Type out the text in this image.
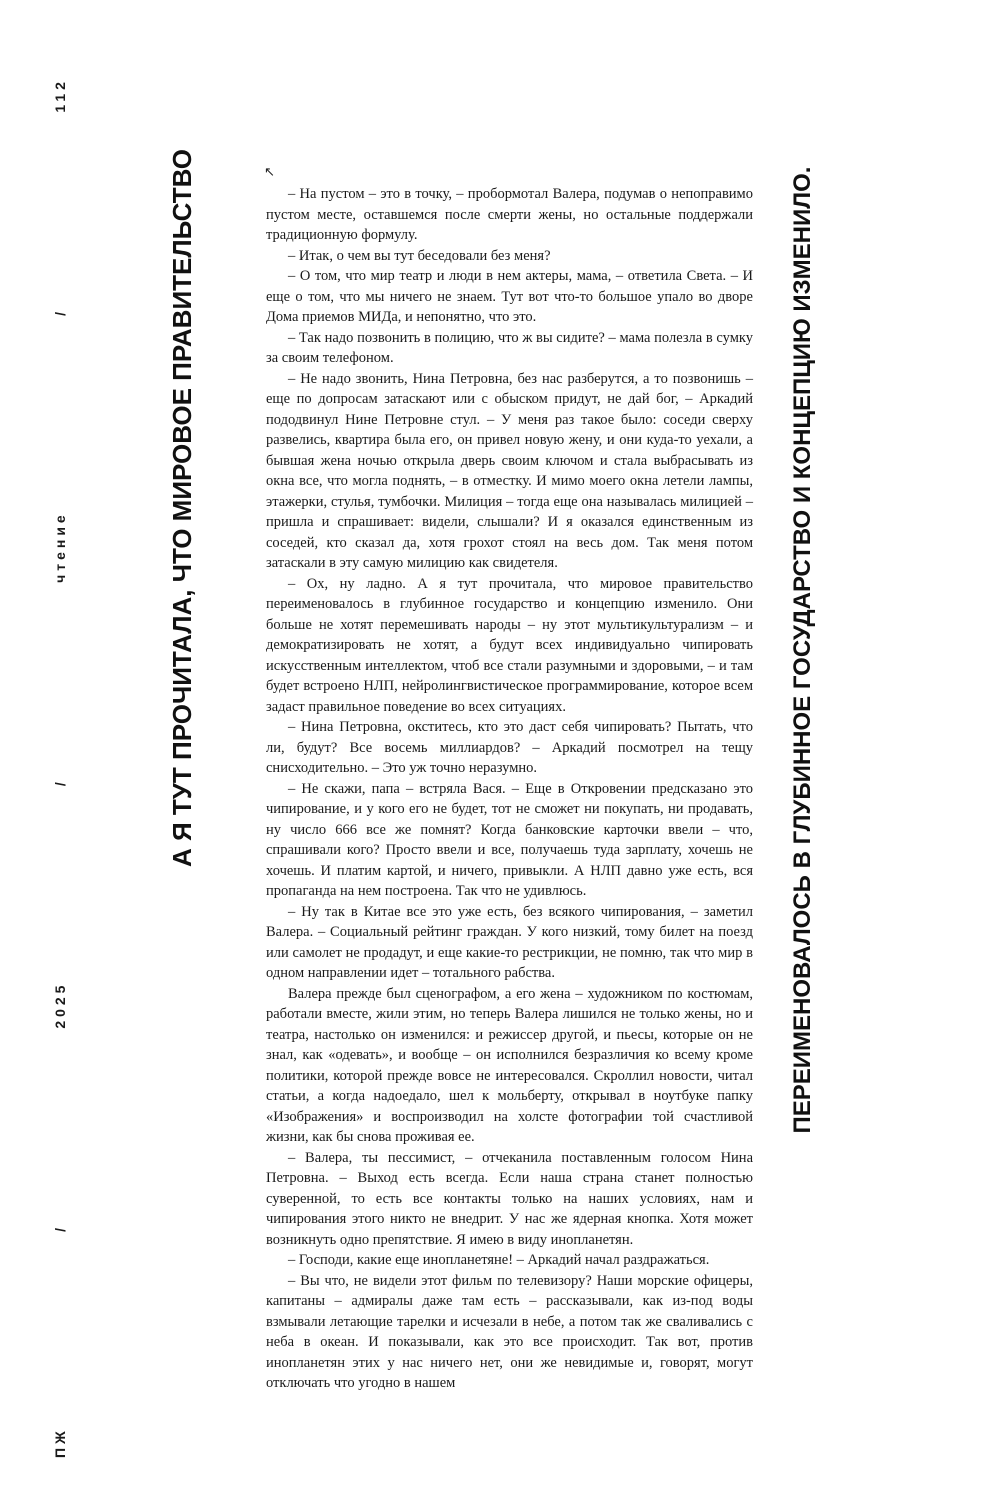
ПЖ
/
2025
/
чтение
/
112
А Я ТУТ ПРОЧИТАЛА, ЧТО МИРОВОЕ ПРАВИТЕЛЬСТВО	ПЕРЕИМЕНОВАЛОСЬ В ГЛУБИННОЕ ГОСУДАРСТВО И КОНЦЕПЦИЮ ИЗМЕНИЛО.
↖

– На пустом – это в точку, – пробормотал Валера, подумав о непоправимо пустом месте, оставшемся после смерти жены, но остальные поддержали традиционную формулу.

– Итак, о чем вы тут беседовали без меня?

– О том, что мир театр и люди в нем актеры, мама, – ответила Света. – И еще о том, что мы ничего не знаем. Тут вот что-то большое упало во дворе Дома приемов МИДа, и непонятно, что это.

– Так надо позвонить в полицию, что ж вы сидите? – мама полезла в сумку за своим телефоном.

– Не надо звонить, Нина Петровна, без нас разберутся, а то позвонишь – еще по допросам затаскают или с обыском придут, не дай бог, – Аркадий пододвинул Нине Петровне стул. – У меня раз такое было: соседи сверху развелись, квартира была его, он привел новую жену, и они куда-то уехали, а бывшая жена ночью открыла дверь своим ключом и стала выбрасывать из окна все, что могла поднять, – в отместку. И мимо моего окна летели лампы, этажерки, стулья, тумбочки. Милиция – тогда еще она называлась милицией – пришла и спрашивает: видели, слышали? И я оказался единственным из соседей, кто сказал да, хотя грохот стоял на весь дом. Так меня потом затаскали в эту самую милицию как свидетеля.

– Ох, ну ладно. А я тут прочитала, что мировое правительство переименовалось в глубинное государство и концепцию изменило. Они больше не хотят перемешивать народы – ну этот мультикультурализм – и демократизировать не хотят, а будут всех индивидуально чипировать искусственным интеллектом, чтоб все стали разумными и здоровыми, – и там будет встроено НЛП, нейролингвистическое программирование, которое всем задаст правильное поведение во всех ситуациях.

– Нина Петровна, окститесь, кто это даст себя чипировать? Пытать, что ли, будут? Все восемь миллиардов? – Аркадий посмотрел на тещу снисходительно. – Это уж точно неразумно.

– Не скажи, папа – встряла Вася. – Еще в Откровении предсказано это чипирование, и у кого его не будет, тот не сможет ни покупать, ни продавать, ну число 666 все же помнят? Когда банковские карточки ввели – что, спрашивали кого? Просто ввели и все, получаешь туда зарплату, хочешь не хочешь. И платим картой, и ничего, привыкли. А НЛП давно уже есть, вся пропаганда на нем построена. Так что не удивлюсь.

– Ну так в Китае все это уже есть, без всякого чипирования, – заметил Валера. – Социальный рейтинг граждан. У кого низкий, тому билет на поезд или самолет не продадут, и еще какие-то рестрикции, не помню, так что мир в одном направлении идет – тотального рабства.

Валера прежде был сценографом, а его жена – художником по костюмам, работали вместе, жили этим, но теперь Валера лишился не только жены, но и театра, настолько он изменился: и режиссер другой, и пьесы, которые он не знал, как «одевать», и вообще – он исполнился безразличия ко всему кроме политики, которой прежде вовсе не интересовался. Скроллил новости, читал статьи, а когда надоедало, шел к мольберту, открывал в ноутбуке папку «Изображения» и воспроизводил на холсте фотографии той счастливой жизни, как бы снова проживая ее.

– Валера, ты пессимист, – отчеканила поставленным голосом Нина Петровна. – Выход есть всегда. Если наша страна станет полностью суверенной, то есть все контакты только на наших условиях, нам и чипирования этого никто не внедрит. У нас же ядерная кнопка. Хотя может возникнуть одно препятствие. Я имею в виду инопланетян.

– Господи, какие еще инопланетяне! – Аркадий начал раздражаться.

– Вы что, не видели этот фильм по телевизору? Наши морские офицеры, капитаны – адмиралы даже там есть – рассказывали, как из-под воды взмывали летающие тарелки и исчезали в небе, а потом так же сваливались с неба в океан. И показывали, как это все происходит. Так вот, против инопланетян этих у нас ничего нет, они же невидимые и, говорят, могут отключать что угодно в нашем
